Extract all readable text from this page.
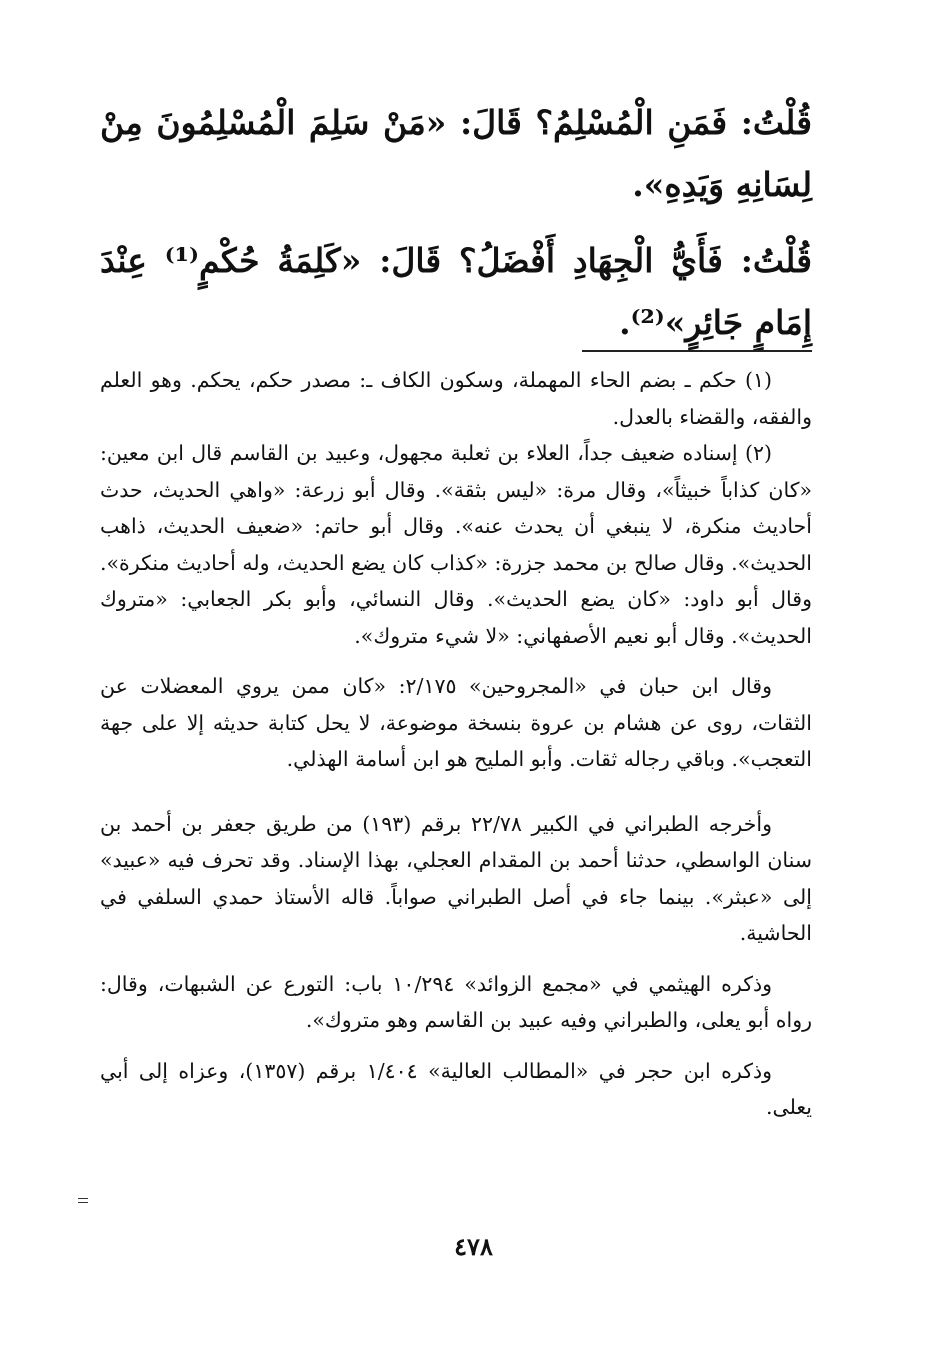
قُلْتُ: فَمَنِ الْمُسْلِمُ؟ قَالَ: «مَنْ سَلِمَ الْمُسْلِمُونَ مِنْ لِسَانِهِ وَيَدِهِ».

قُلْتُ: فَأَيُّ الْجِهَادِ أَفْضَلُ؟ قَالَ: «كَلِمَةُ حُكْمٍ⁽¹⁾ عِنْدَ إِمَامٍ جَائِرٍ»⁽²⁾.

(١) حكم ـ بضم الحاء المهملة، وسكون الكاف ـ: مصدر حكم، يحكم. وهو العلم والفقه، والقضاء بالعدل.

(٢) إسناده ضعيف جداً، العلاء بن ثعلبة مجهول، وعبيد بن القاسم قال ابن معين: «كان كذاباً خبيثاً»، وقال مرة: «ليس بثقة». وقال أبو زرعة: «واهي الحديث، حدث أحاديث منكرة، لا ينبغي أن يحدث عنه». وقال أبو حاتم: «ضعيف الحديث، ذاهب الحديث». وقال صالح بن محمد جزرة: «كذاب كان يضع الحديث، وله أحاديث منكرة». وقال أبو داود: «كان يضع الحديث». وقال النسائي، وأبو بكر الجعابي: «متروك الحديث». وقال أبو نعيم الأصفهاني: «لا شيء متروك».

وقال ابن حبان في «المجروحين» ٢/١٧٥: «كان ممن يروي المعضلات عن الثقات، روى عن هشام بن عروة بنسخة موضوعة، لا يحل كتابة حديثه إلا على جهة التعجب». وباقي رجاله ثقات. وأبو المليح هو ابن أسامة الهذلي.

وأخرجه الطبراني في الكبير ٢٢/٧٨ برقم (١٩٣) من طريق جعفر بن أحمد بن سنان الواسطي، حدثنا أحمد بن المقدام العجلي، بهذا الإسناد. وقد تحرف فيه «عبيد» إلى «عبثر». بينما جاء في أصل الطبراني صواباً. قاله الأستاذ حمدي السلفي في الحاشية.

وذكره الهيثمي في «مجمع الزوائد» ١٠/٢٩٤ باب: التورع عن الشبهات، وقال: رواه أبو يعلى، والطبراني وفيه عبيد بن القاسم وهو متروك».

وذكره ابن حجر في «المطالب العالية» ١/٤٠٤ برقم (١٣٥٧)، وعزاه إلى أبي يعلى.

٤٧٨
